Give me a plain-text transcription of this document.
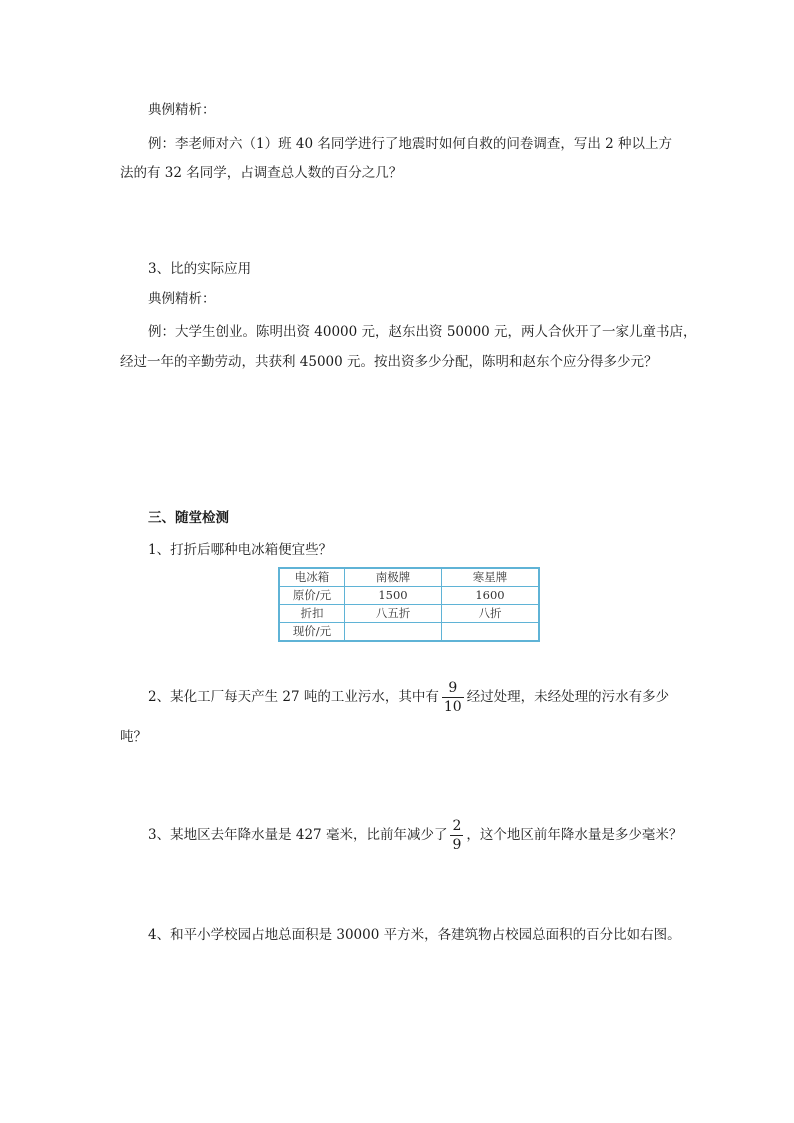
典例精析：
例：李老师对六（1）班 40 名同学进行了地震时如何自救的问卷调查，写出 2 种以上方
法的有 32 名同学，占调查总人数的百分之几？
3、比的实际应用
典例精析：
例：大学生创业。陈明出资 40000 元，赵东出资 50000 元，两人合伙开了一家儿童书店，
经过一年的辛勤劳动，共获利 45000 元。按出资多少分配，陈明和赵东个应分得多少元？
三、随堂检测
1、打折后哪种电冰箱便宜些？
电冰箱	南极牌	寒星牌
原价/元	1500	1600
折扣	八五折	八折
现价/元		
2、某化工厂每天产生 27 吨的工业污水，其中有 $\frac{9}{10}$ 经过处理，未经处理的污水有多少
吨？
3、某地区去年降水量是 427 毫米，比前年减少了 $\frac{2}{9}$ ，这个地区前年降水量是多少毫米？
4、和平小学校园占地总面积是 30000 平方米，各建筑物占校园总面积的百分比如右图。
